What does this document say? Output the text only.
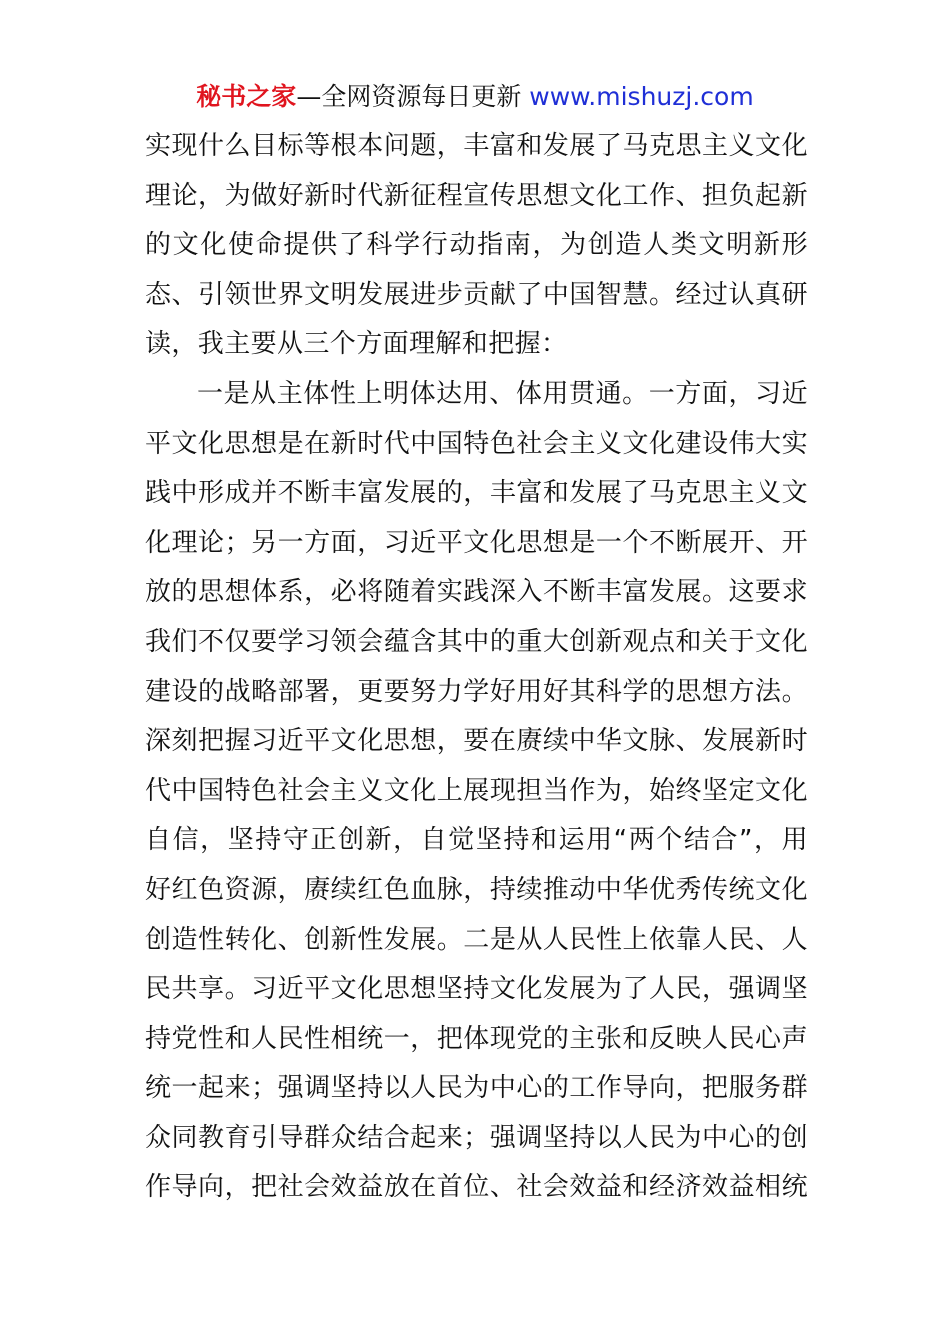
秘书之家—全网资源每日更新 www.mishuzj.com
实现什么目标等根本问题，丰富和发展了马克思主义文化
理论，为做好新时代新征程宣传思想文化工作、担负起新
的文化使命提供了科学行动指南，为创造人类文明新形
态、引领世界文明发展进步贡献了中国智慧。经过认真研
读，我主要从三个方面理解和把握：
一是从主体性上明体达用、体用贯通。一方面，习近
平文化思想是在新时代中国特色社会主义文化建设伟大实
践中形成并不断丰富发展的，丰富和发展了马克思主义文
化理论；另一方面，习近平文化思想是一个不断展开、开
放的思想体系，必将随着实践深入不断丰富发展。这要求
我们不仅要学习领会蕴含其中的重大创新观点和关于文化
建设的战略部署，更要努力学好用好其科学的思想方法。
深刻把握习近平文化思想，要在赓续中华文脉、发展新时
代中国特色社会主义文化上展现担当作为，始终坚定文化
自信，坚持守正创新，自觉坚持和运用“两个结合”，用
好红色资源，赓续红色血脉，持续推动中华优秀传统文化
创造性转化、创新性发展。二是从人民性上依靠人民、人
民共享。习近平文化思想坚持文化发展为了人民，强调坚
持党性和人民性相统一，把体现党的主张和反映人民心声
统一起来；强调坚持以人民为中心的工作导向，把服务群
众同教育引导群众结合起来；强调坚持以人民为中心的创
作导向，把社会效益放在首位、社会效益和经济效益相统
